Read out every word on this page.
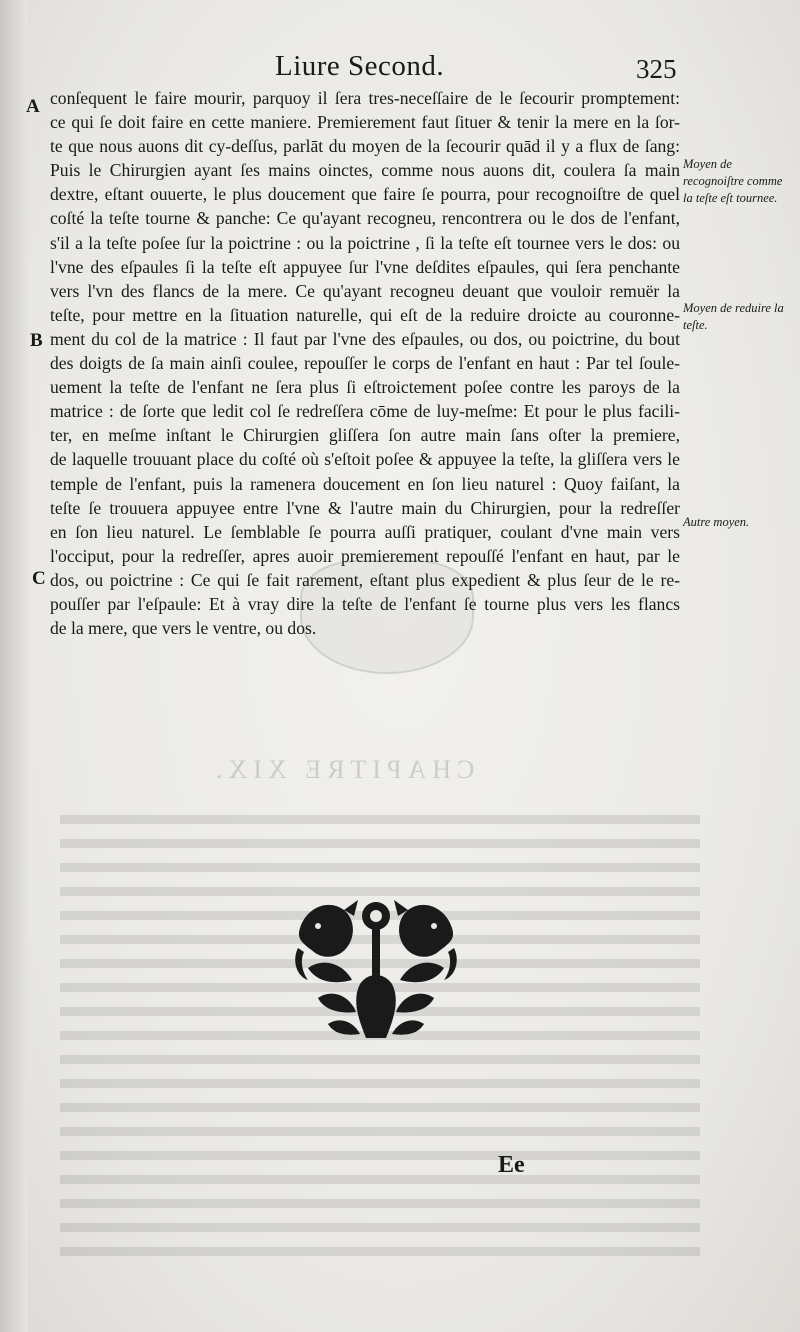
CHAPITRE XIX.
Liure Second.	325
A
B
C
conſequent le faire mourir, parquoy il ſera tres-neceſſaire de le ſecourir promptement:
ce qui ſe doit faire en cette maniere. Premierement faut ſituer & tenir la mere en la ſor-
te que nous auons dit cy-deſſus, parlāt du moyen de la ſecourir quād il y a flux de ſang:
Puis le Chirurgien ayant ſes mains oinctes, comme nous auons dit, coulera ſa main
dextre, eſtant ouuerte, le plus doucement que faire ſe pourra, pour recognoiſtre de quel
coſté la teſte tourne & panche: Ce qu'ayant recogneu, rencontrera ou le dos de l'enfant,
s'il a la teſte poſee ſur la poictrine : ou la poictrine , ſi la teſte eſt tournee vers le dos: ou
l'vne des eſpaules ſi la teſte eſt appuyee ſur l'vne deſdites eſpaules, qui ſera penchante
vers l'vn des flancs de la mere. Ce qu'ayant recogneu deuant que vouloir remuër la
teſte, pour mettre en la ſituation naturelle, qui eſt de la reduire droicte au couronne-
ment du col de la matrice : Il faut par l'vne des eſpaules, ou dos, ou poictrine, du bout
des doigts de ſa main ainſi coulee, repouſſer le corps de l'enfant en haut : Par tel ſoule-
uement la teſte de l'enfant ne ſera plus ſi eſtroictement poſee contre les paroys de la
matrice : de ſorte que ledit col ſe redreſſera cōme de luy-meſme: Et pour le plus facili-
ter, en meſme inſtant le Chirurgien gliſſera ſon autre main ſans oſter la premiere,
de laquelle trouuant place du coſté où s'eſtoit poſee & appuyee la teſte, la gliſſera vers le
temple de l'enfant, puis la ramenera doucement en ſon lieu naturel : Quoy faiſant, la
teſte ſe trouuera appuyee entre l'vne & l'autre main du Chirurgien, pour la redreſſer
en ſon lieu naturel. Le ſemblable ſe pourra auſſi pratiquer, coulant d'vne main vers
l'occiput, pour la redreſſer, apres auoir premierement repouſſé l'enfant en haut, par le
dos, ou poictrine : Ce qui ſe fait rarement, eſtant plus expedient & plus ſeur de le re-
pouſſer par l'eſpaule: Et à vray dire la teſte de l'enfant ſe tourne plus vers les flancs
de la mere, que vers le ventre, ou dos.
Moyen de recognoiſtre comme la teſte eſt tournee.
Moyen de reduire la teſte.
Autre moyen.
Ee
